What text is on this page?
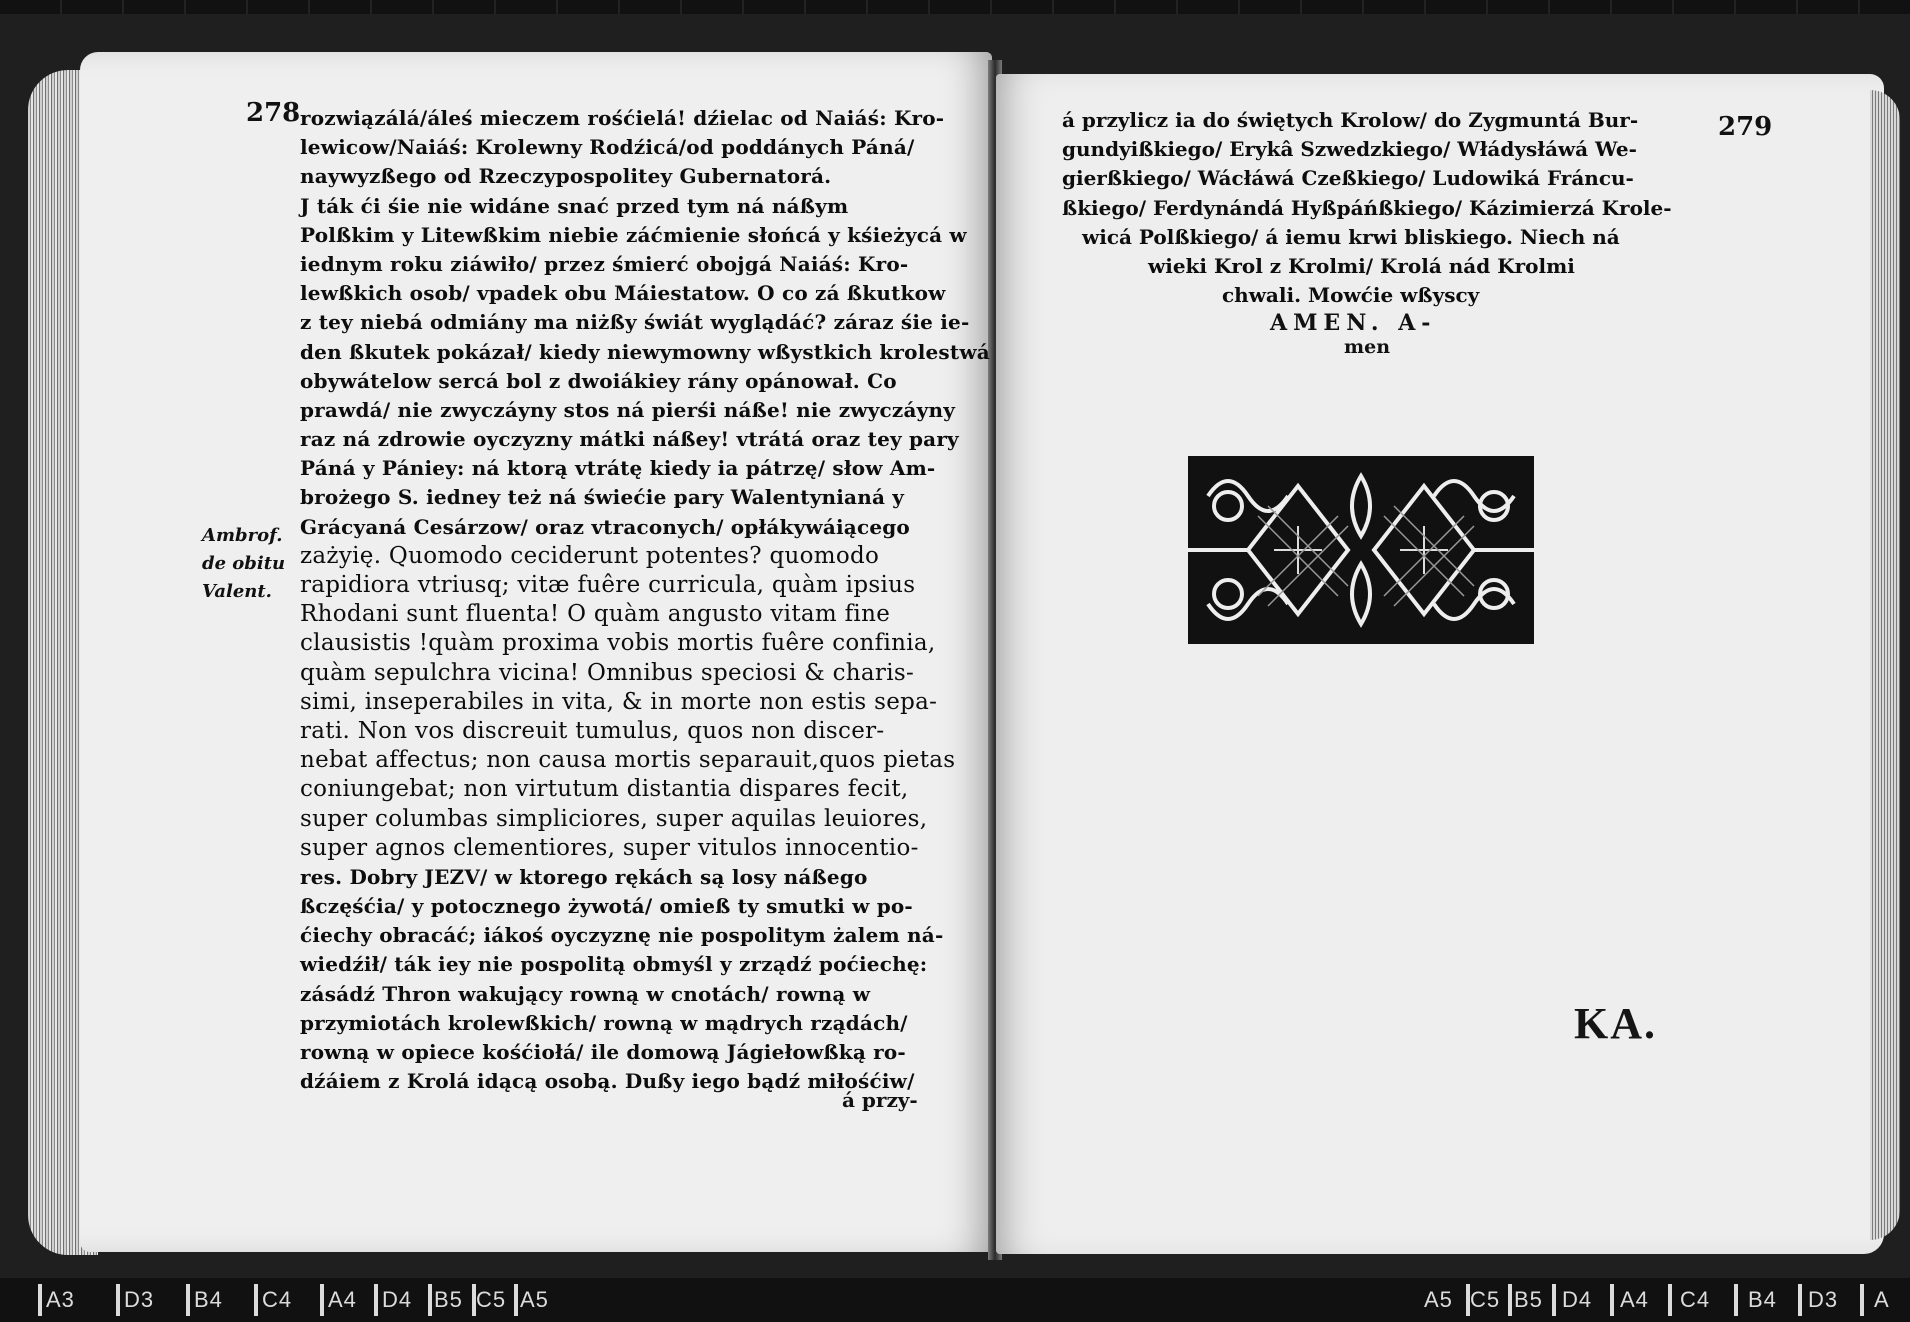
278	279
Ambrof.
de obitu
Valent.
rozwiązálá/áleś mieczem rośćielá! dźielac od Naiáś: Kro-
lewicow/Naiáś: Krolewny Rodźicá/od poddánych Páná/
naywyzßego od Rzeczypospolitey Gubernatorá.
J ták ći śie nie widáne snać przed tym ná náßym
Polßkim y Litewßkim niebie záćmienie słońcá y kśieżycá w
iednym roku ziáwiło/ przez śmierć obojgá Naiáś: Kro-
lewßkich osob/ vpadek obu Máiestatow. O co zá ßkutkow
z tey niebá odmiány ma niżßy świát wyglądáć? záraz śie ie-
den ßkutek pokázał/ kiedy niewymowny wßystkich krolestwá
obywátelow sercá bol z dwoiákiey rány opánował. Co
prawdá/ nie zwyczáyny stos ná pierśi náße! nie zwyczáyny
raz ná zdrowie oyczyzny mátki náßey! vtrátá oraz tey pary
Páná y Pániey: ná ktorą vtrátę kiedy ia pátrzę/ słow Am-
brożego S. iedney też ná świećie pary Walentynianá y
Grácyaná Cesárzow/ oraz vtraconych/ opłákywáiącego
zażyię. Quomodo ceciderunt potentes? quomodo
rapidiora vtriusq; vitæ fuêre curricula, quàm ipsius
Rhodani sunt fluenta! O quàm angusto vitam fine
clausistis !quàm proxima vobis mortis fuêre confinia,
quàm sepulchra vicina! Omnibus speciosi & charis-
simi, inseperabiles in vita, & in morte non estis sepa-
rati. Non vos discreuit tumulus, quos non discer-
nebat affectus; non causa mortis separauit,quos pietas
coniungebat; non virtutum distantia dispares fecit,
super columbas simpliciores, super aquilas leuiores,
super agnos clementiores, super vitulos innocentio-
res. Dobry JEZV/ w ktorego rękách są losy náßego
ßczęśćia/ y potocznego żywotá/ omieß ty smutki w po-
ćiechy obracáć; iákoś oyczyznę nie pospolitym żalem ná-
wiedźił/ ták iey nie pospolitą obmyśl y zrządź poćiechę:
zásádź Thron wakujący rowną w cnotách/ rowną w
przymiotách krolewßkich/ rowną w mądrych rządách/
rowną w opiece kośćiołá/ ile domową Jágiełowßką ro-
dźáiem z Krolá idącą osobą. Dußy iego bądź miłośćiw/
á przy-
á przylicz ia do świętych Krolow/ do Zygmuntá Bur-
gundyißkiego/ Erykâ Szwedzkiego/ Włádysłáwá We-
gierßkiego/ Wácłáwá Czeßkiego/ Ludowiká Fráncu-
ßkiego/ Ferdynándá Hyßpáńßkiego/ Kázimierzá Krole-
wicá Polßkiego/ á iemu krwi bliskiego. Niech ná
wieki Krol z Krolmi/ Krolá nád Krolmi
chwali. Mowćie wßyscy
AMEN. A-
men
KA.
A3 D3 B4 C4 A4 D4 B5 C5 A5	A5 C5 B5 D4 A4 C4 B4 D3 A
